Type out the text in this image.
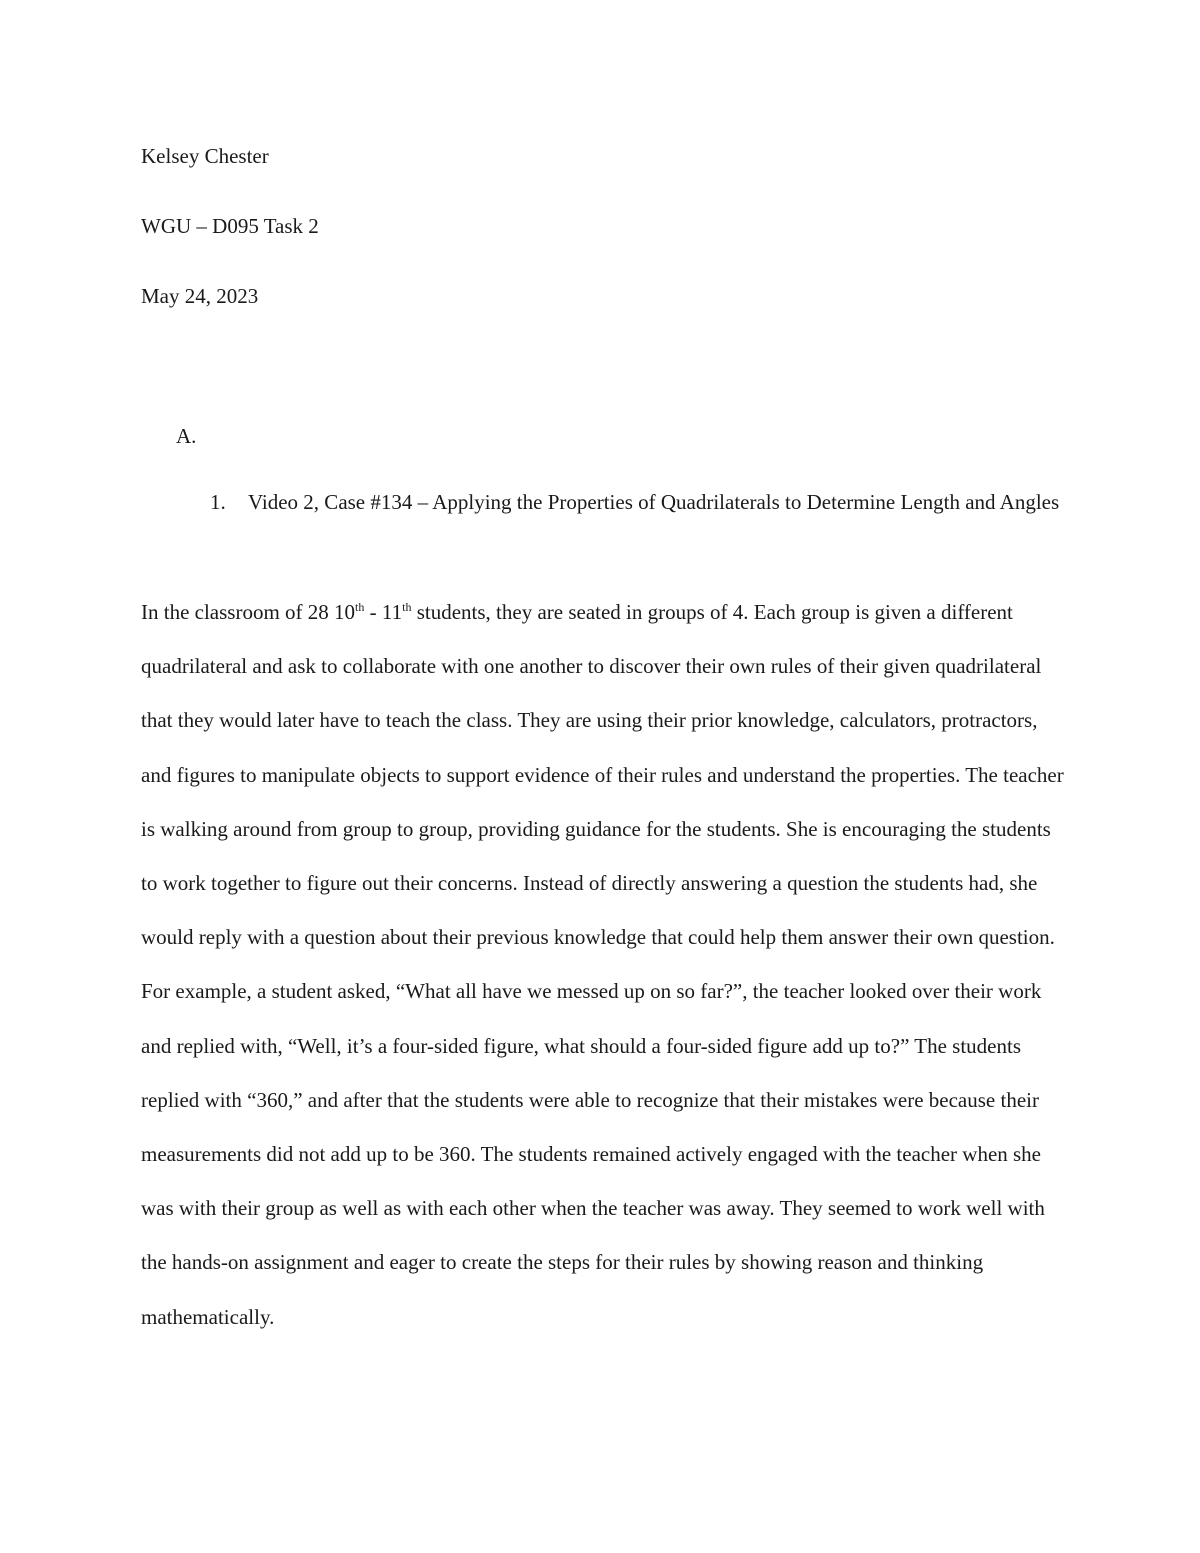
Kelsey Chester

WGU – D095 Task 2

May 24, 2023

A.

1. Video 2, Case #134 – Applying the Properties of Quadrilaterals to Determine Length and Angles

In the classroom of 28 10th - 11th students, they are seated in groups of 4. Each group is given a different quadrilateral and ask to collaborate with one another to discover their own rules of their given quadrilateral that they would later have to teach the class. They are using their prior knowledge, calculators, protractors, and figures to manipulate objects to support evidence of their rules and understand the properties. The teacher is walking around from group to group, providing guidance for the students. She is encouraging the students to work together to figure out their concerns. Instead of directly answering a question the students had, she would reply with a question about their previous knowledge that could help them answer their own question. For example, a student asked, “What all have we messed up on so far?”, the teacher looked over their work and replied with, “Well, it’s a four-sided figure, what should a four-sided figure add up to?” The students replied with “360,” and after that the students were able to recognize that their mistakes were because their measurements did not add up to be 360. The students remained actively engaged with the teacher when she was with their group as well as with each other when the teacher was away. They seemed to work well with the hands-on assignment and eager to create the steps for their rules by showing reason and thinking mathematically.
